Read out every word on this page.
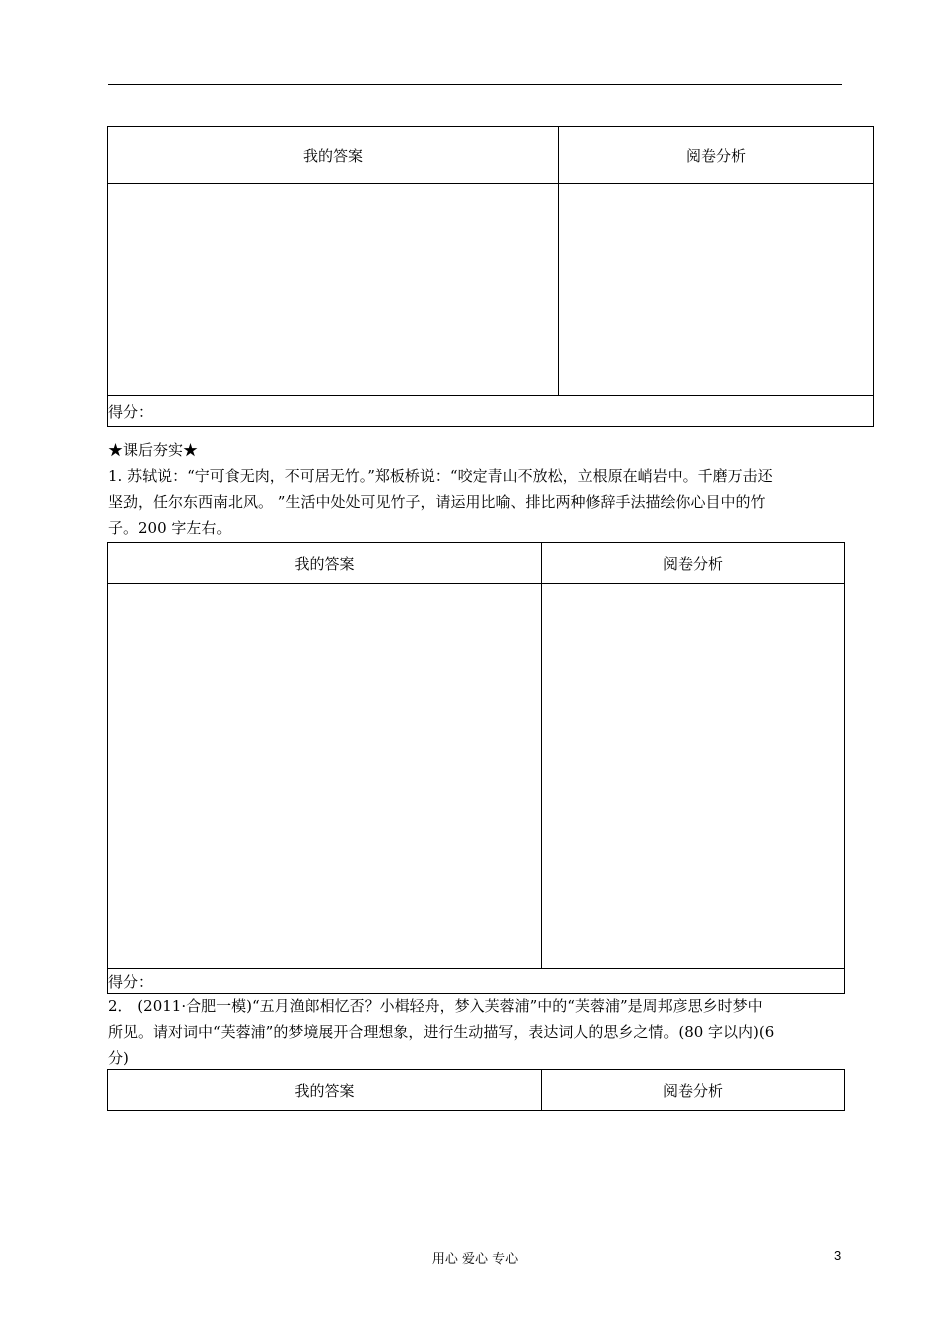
我的答案	阅卷分析

得分：	

★课后夯实★

1. 苏轼说：“宁可食无肉，不可居无竹。”郑板桥说：“咬定青山不放松，立根原在峭岩中。千磨万击还

坚劲，任尔东西南北风。 ”生活中处处可见竹子，请运用比喻、排比两种修辞手法描绘你心目中的竹

子。200 字左右。

我的答案	阅卷分析

得分：	

2． (2011·合肥一模)“五月渔郎相忆否？小楫轻舟，梦入芙蓉浦”中的“芙蓉浦”是周邦彦思乡时梦中

所见。请对词中“芙蓉浦”的梦境展开合理想象，进行生动描写，表达词人的思乡之情。(80 字以内)(6

分)

我的答案	阅卷分析
用心 爱心 专心	3
